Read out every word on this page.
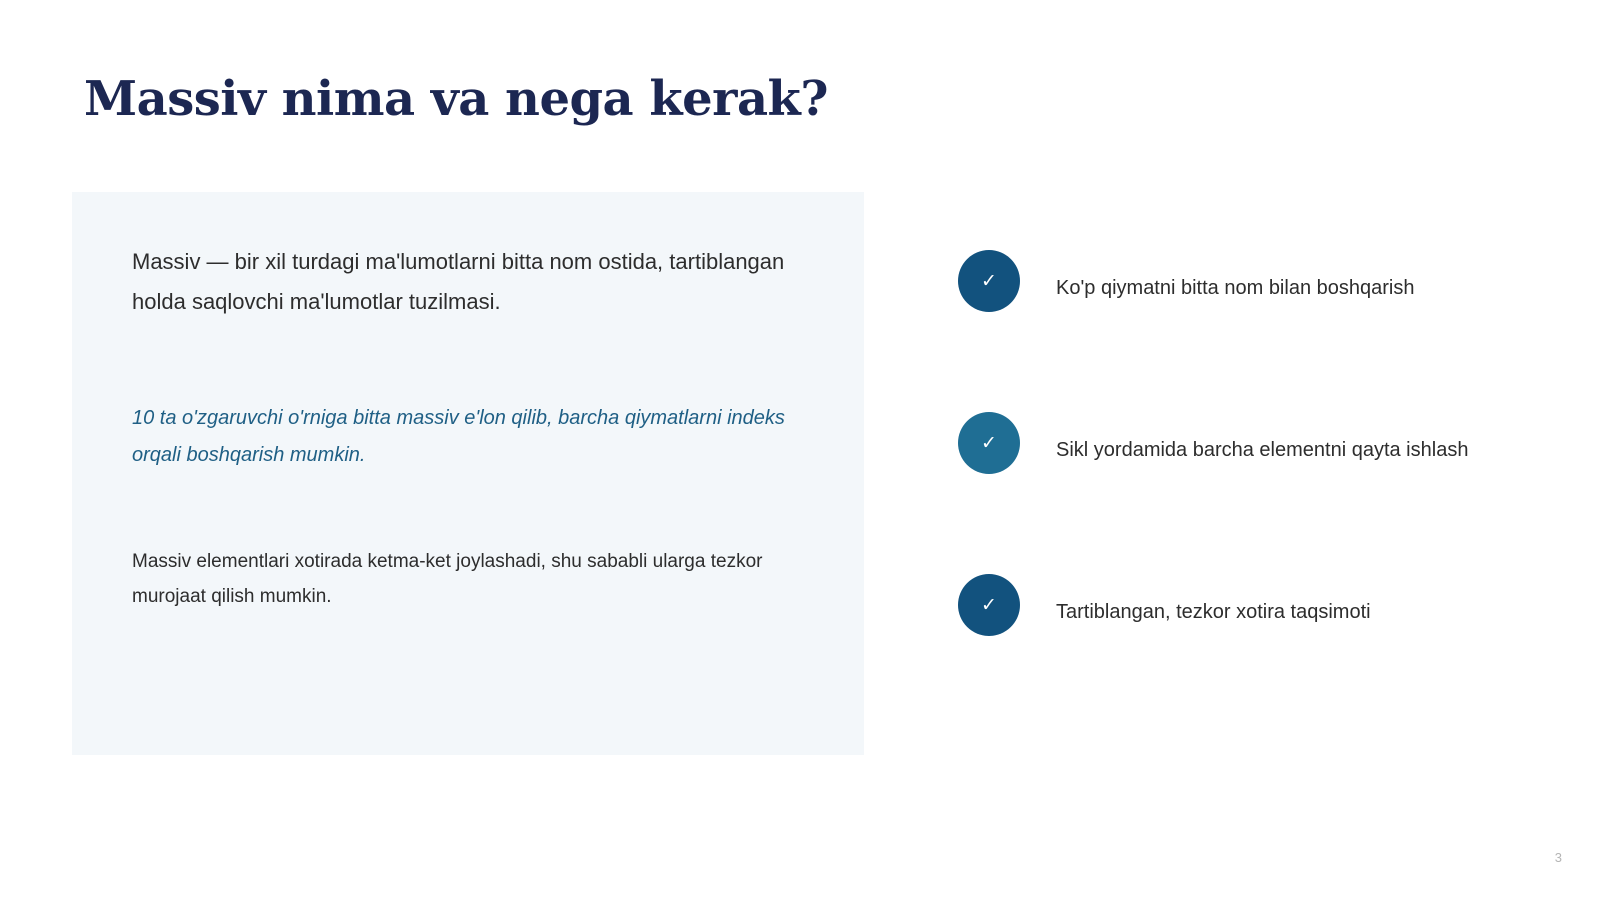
Massiv nima va nega kerak?

Massiv — bir xil turdagi ma'lumotlarni bitta nom ostida, tartiblangan holda saqlovchi ma'lumotlar tuzilmasi.

10 ta o'zgaruvchi o'rniga bitta massiv e'lon qilib, barcha qiymatlarni indeks orqali boshqarish mumkin.

Massiv elementlari xotirada ketma-ket joylashadi, shu sababli ularga tezkor murojaat qilish mumkin.

✓	Ko'p qiymatni bitta nom bilan boshqarish
✓	Sikl yordamida barcha elementni qayta ishlash
✓	Tartiblangan, tezkor xotira taqsimoti
3
